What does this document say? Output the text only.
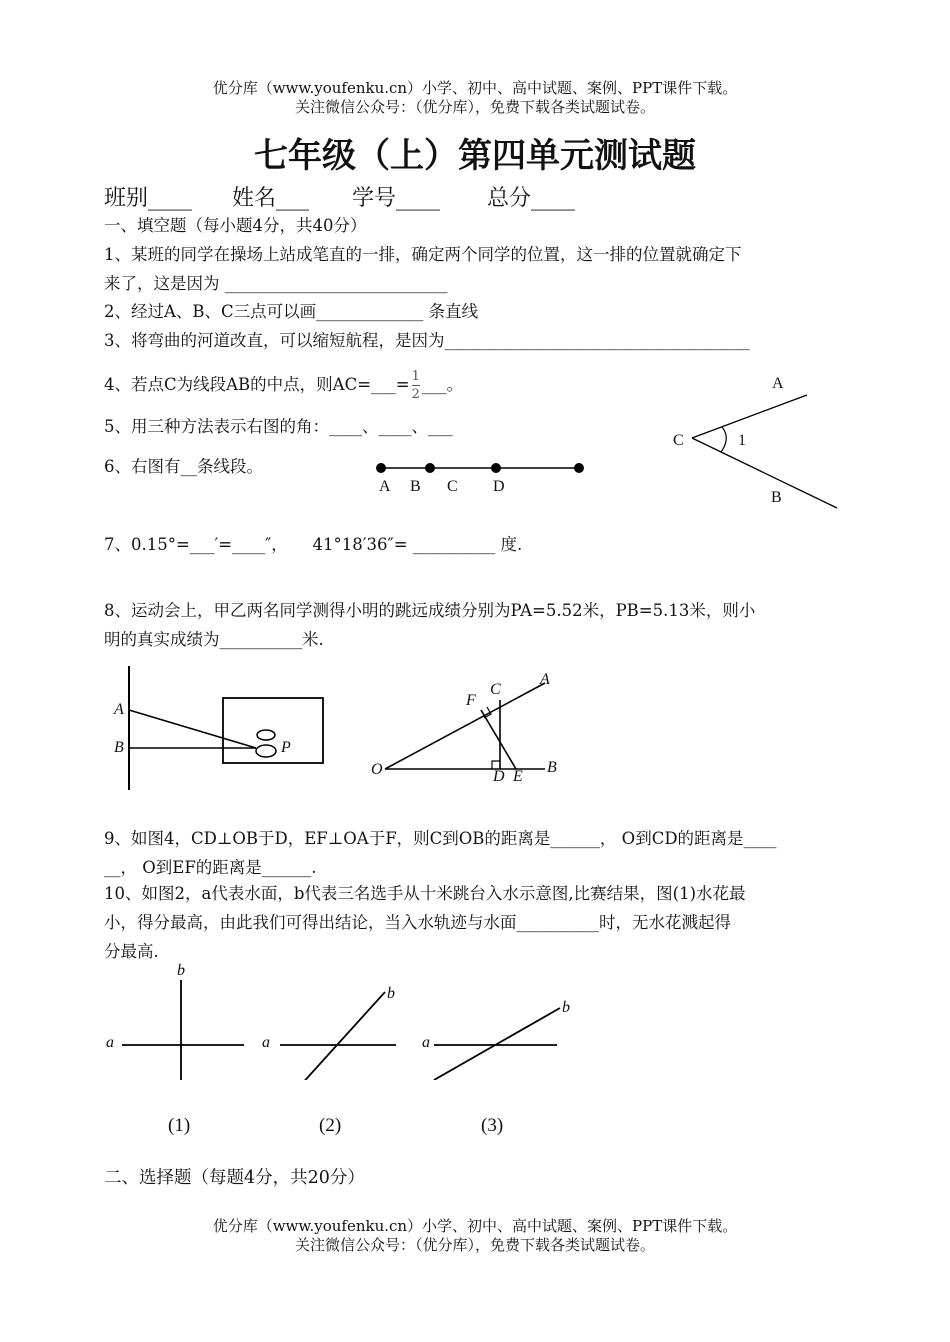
优分库（www.youfenku.cn）小学、初中、高中试题、案例、PPT课件下载。
关注微信公众号：（优分库），免费下载各类试题试卷。
七年级（上）第四单元测试题
班别____ 姓名___ 学号____ 总分____
一、填空题（每小题4分，共40分）
1、某班的同学在操场上站成笔直的一排，确定两个同学的位置，这一排的位置就确定下
来了，这是因为 ___________________________
2、经过A、B、C三点可以画_____________ 条直线
3、将弯曲的河道改直，可以缩短航程，是因为_____________________________________
4、若点C为线段AB的中点，则AC=___= $\frac{1}{2}$ ___。
5、用三种方法表示右图的角：____、____、___
6、右图有__条线段。
A B C D
A
C	1
B
7、0.15°=___′=____″，　　41°18′36″= __________ 度.
8、运动会上，甲乙两名同学测得小明的跳远成绩分别为PA=5.52米，PB=5.13米，则小
明的真实成绩为__________米.
A
B	P
F
C
A
O	D E
B
9、如图4，CD⊥OB于D，EF⊥OA于F，则C到OB的距离是______， O到CD的距离是____
__， O到EF的距离是______.
10、如图2，a代表水面，b代表三名选手从十米跳台入水示意图,比赛结果，图(1)水花最
小，得分最高，由此我们可得出结论，当入水轨迹与水面__________时，无水花溅起得
分最高.
a
b
a
b
a
b
(1)	(2)	(3)
二、选择题（每题4分，共20分）
优分库（www.youfenku.cn）小学、初中、高中试题、案例、PPT课件下载。
关注微信公众号：（优分库），免费下载各类试题试卷。
